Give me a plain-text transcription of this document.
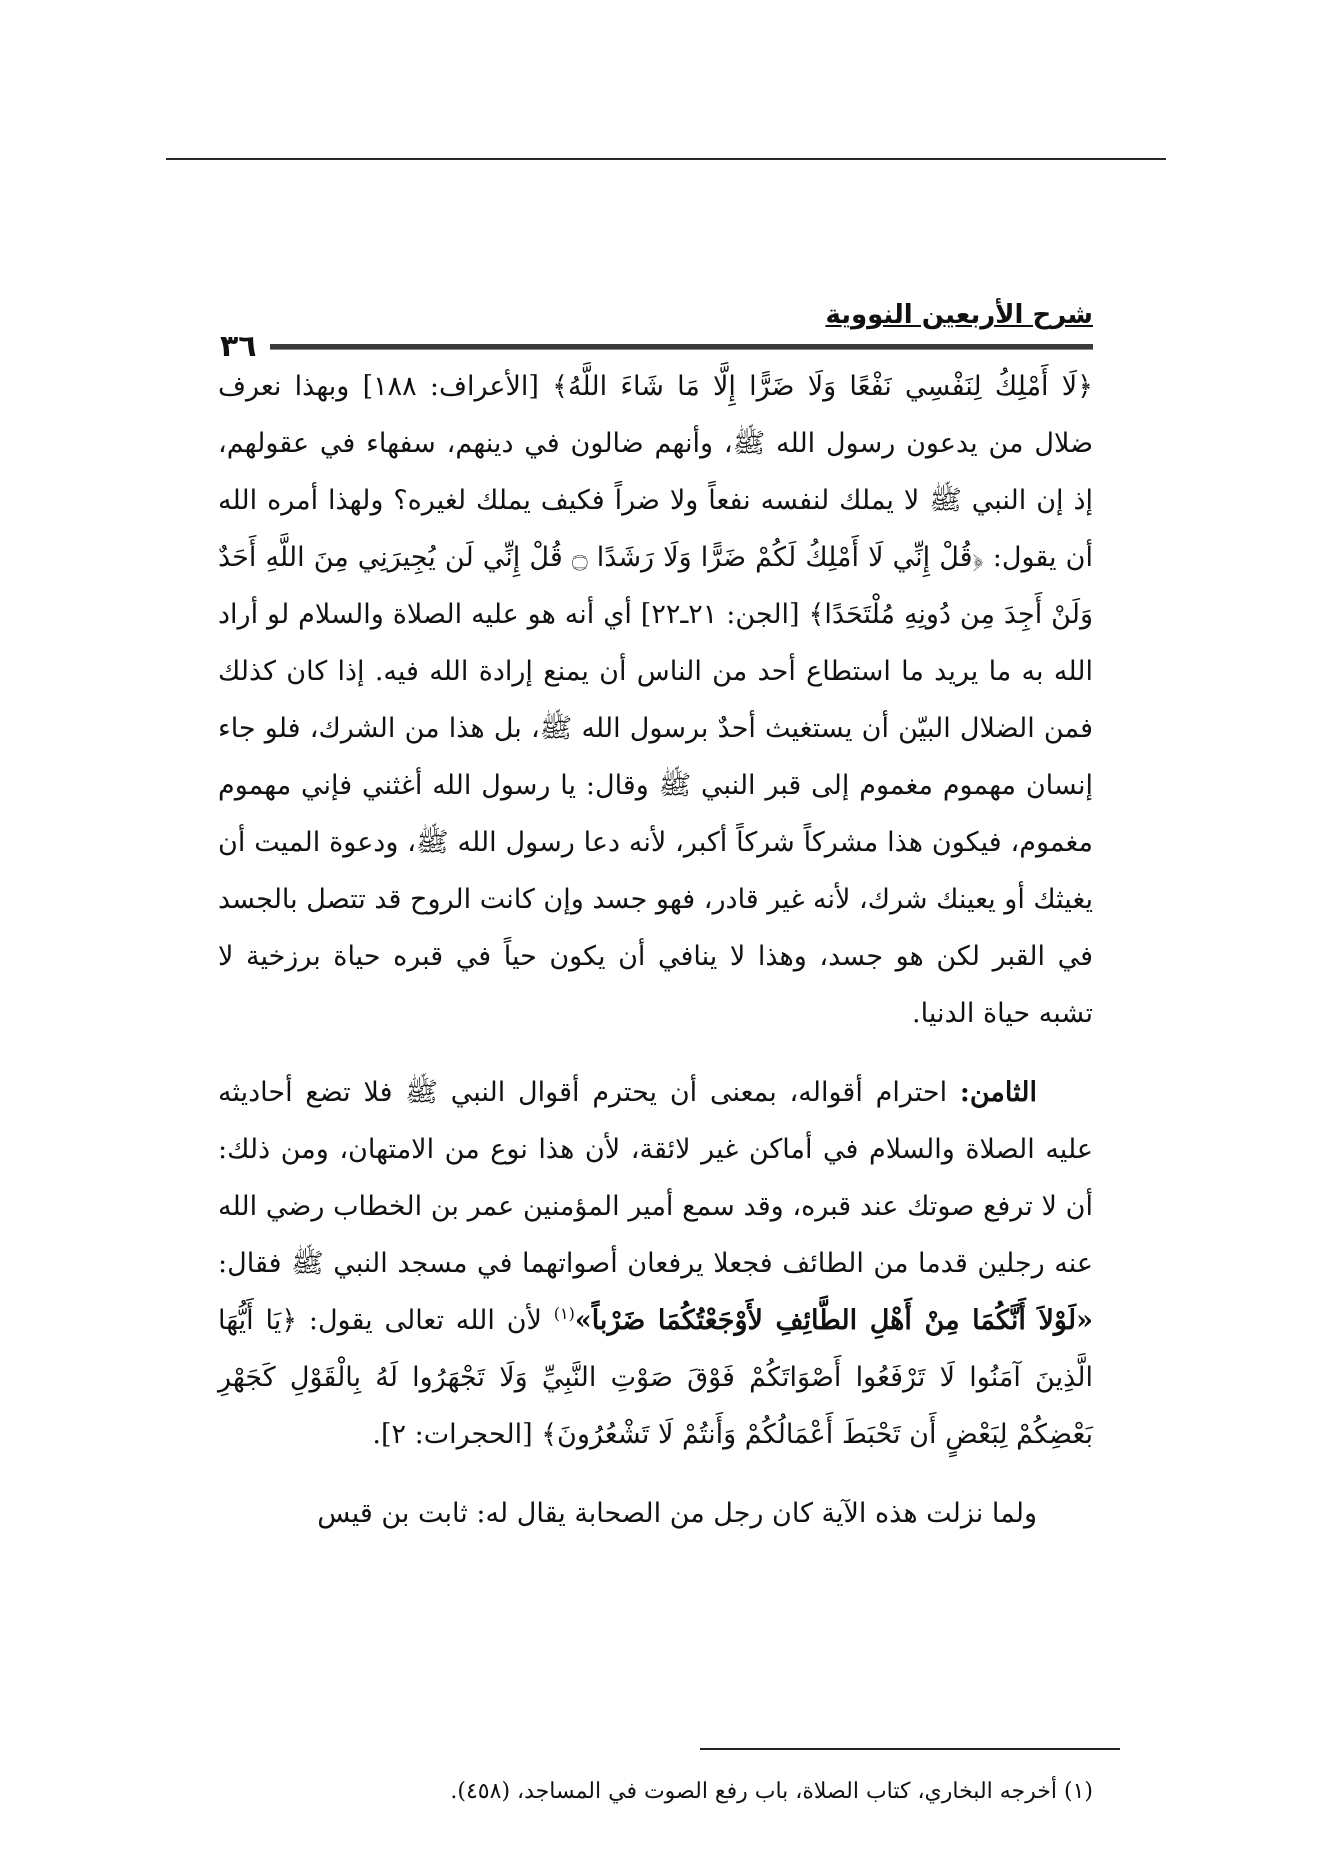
شرح الأربعين النووية
٣٦

﴿لَا أَمْلِكُ لِنَفْسِي نَفْعًا وَلَا ضَرًّا إِلَّا مَا شَاءَ اللَّهُ﴾ [الأعراف: ١٨٨] وبهذا نعرف ضلال من يدعون رسول الله ﷺ، وأنهم ضالون في دينهم، سفهاء في عقولهم، إذ إن النبي ﷺ لا يملك لنفسه نفعاً ولا ضراً فكيف يملك لغيره؟ ولهذا أمره الله أن يقول: ﴿قُلْ إِنِّي لَا أَمْلِكُ لَكُمْ ضَرًّا وَلَا رَشَدًا ۝ قُلْ إِنِّي لَن يُجِيرَنِي مِنَ اللَّهِ أَحَدٌ وَلَنْ أَجِدَ مِن دُونِهِ مُلْتَحَدًا﴾ [الجن: ٢١ـ٢٢] أي أنه هو عليه الصلاة والسلام لو أراد الله به ما يريد ما استطاع أحد من الناس أن يمنع إرادة الله فيه. إذا كان كذلك فمن الضلال البيّن أن يستغيث أحدٌ برسول الله ﷺ، بل هذا من الشرك، فلو جاء إنسان مهموم مغموم إلى قبر النبي ﷺ وقال: يا رسول الله أغثني فإني مهموم مغموم، فيكون هذا مشركاً شركاً أكبر، لأنه دعا رسول الله ﷺ، ودعوة الميت أن يغيثك أو يعينك شرك، لأنه غير قادر، فهو جسد وإن كانت الروح قد تتصل بالجسد في القبر لكن هو جسد، وهذا لا ينافي أن يكون حياً في قبره حياة برزخية لا تشبه حياة الدنيا.

الثامن: احترام أقواله، بمعنى أن يحترم أقوال النبي ﷺ فلا تضع أحاديثه عليه الصلاة والسلام في أماكن غير لائقة، لأن هذا نوع من الامتهان، ومن ذلك: أن لا ترفع صوتك عند قبره، وقد سمع أمير المؤمنين عمر بن الخطاب رضي الله عنه رجلين قدما من الطائف فجعلا يرفعان أصواتهما في مسجد النبي ﷺ فقال: «لَوْلاَ أَنَّكُمَا مِنْ أَهْلِ الطَّائِفِ لأَوْجَعْتُكُمَا ضَرْباً»$^{(١)}$ لأن الله تعالى يقول: ﴿يَا أَيُّهَا الَّذِينَ آمَنُوا لَا تَرْفَعُوا أَصْوَاتَكُمْ فَوْقَ صَوْتِ النَّبِيِّ وَلَا تَجْهَرُوا لَهُ بِالْقَوْلِ كَجَهْرِ بَعْضِكُمْ لِبَعْضٍ أَن تَحْبَطَ أَعْمَالُكُمْ وَأَنتُمْ لَا تَشْعُرُونَ﴾ [الحجرات: ٢].

ولما نزلت هذه الآية كان رجل من الصحابة يقال له: ثابت بن قيس

(١) أخرجه البخاري، كتاب الصلاة، باب رفع الصوت في المساجد، (٤٥٨).
